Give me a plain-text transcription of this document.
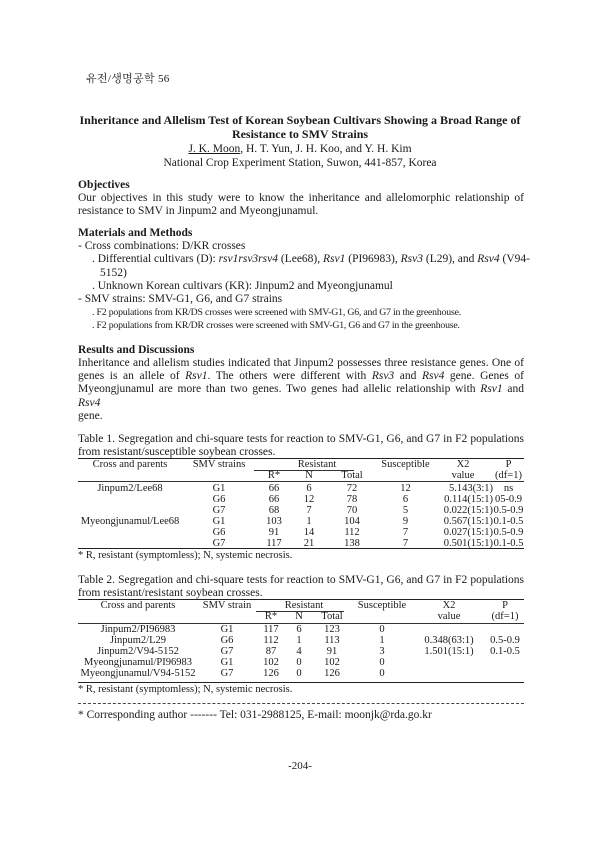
유전/생명공학 56
Inheritance and Allelism Test of Korean Soybean Cultivars Showing a Broad Range of
Resistance to SMV Strains
J. K. Moon, H. T. Yun, J. H. Koo, and Y. H. Kim
National Crop Experiment Station, Suwon, 441-857, Korea
Objectives
Our objectives in this study were to know the inheritance and allelomorphic relationship of
resistance to SMV in Jinpum2 and Myeongjunamul.
Materials and Methods
- Cross combinations: D/KR crosses
. Differential cultivars (D): rsv1rsv3rsv4 (Lee68), Rsv1 (PI96983), Rsv3 (L29), and Rsv4 (V94-
5152)
. Unknown Korean cultivars (KR): Jinpum2 and Myeongjunamul
- SMV strains: SMV-G1, G6, and G7 strains
. F2 populations from KR/DS crosses were screened with SMV-G1, G6, and G7 in the greenhouse.
. F2 populations from KR/DR crosses were screened with SMV-G1, G6 and G7 in the greenhouse.
Results and Discussions
Inheritance and allelism studies indicated that Jinpum2 possesses three resistance genes. One of
genes is an allele of Rsv1. The others were different with Rsv3 and Rsv4 gene. Genes of
Myeongjunamul are more than two genes. Two genes had allelic relationship with Rsv1 and Rsv4
gene.
Table 1. Segregation and chi-square tests for reaction to SMV-G1, G6, and G7 in F2 populations
from resistant/susceptible soybean crosses.
Cross and parents	SMV strains	Resistant			Susceptible	X2	P
		R*	N	Total		value	(df=1)

Jinpum2/Lee68	G1	66	6	72	12	5.143(3:1)	ns
	G6	66	12	78	6	0.114(15:1)	05-0.9
	G7	68	7	70	5	0.022(15:1)	0.5-0.9
Myeongjunamul/Lee68	G1	103	1	104	9	0.567(15:1)	0.1-0.5
	G6	91	14	112	7	0.027(15:1)	0.5-0.9
	G7	117	21	138	7	0.501(15:1)	0.1-0.5
* R, resistant (symptomless); N, systemic necrosis.
Table 2. Segregation and chi-square tests for reaction to SMV-G1, G6, and G7 in F2 populations
from resistant/resistant soybean crosses.
Cross and parents	SMV strain	Resistant			Susceptible	X2	P
		R*	N	Total		value	(df=1)

Jinpum2/PI96983	G1	117	6	123	0		
Jinpum2/L29	G6	112	1	113	1	0.348(63:1)	0.5-0.9
Jinpum2/V94-5152	G7	87	4	91	3	1.501(15:1)	0.1-0.5
Myeongjunamul/PI96983	G1	102	0	102	0		
Myeongjunamul/V94-5152	G7	126	0	126	0		
* R, resistant (symptomless); N, systemic necrosis.
* Corresponding author ------- Tel: 031-2988125, E-mail: moonjk@rda.go.kr
-204-
